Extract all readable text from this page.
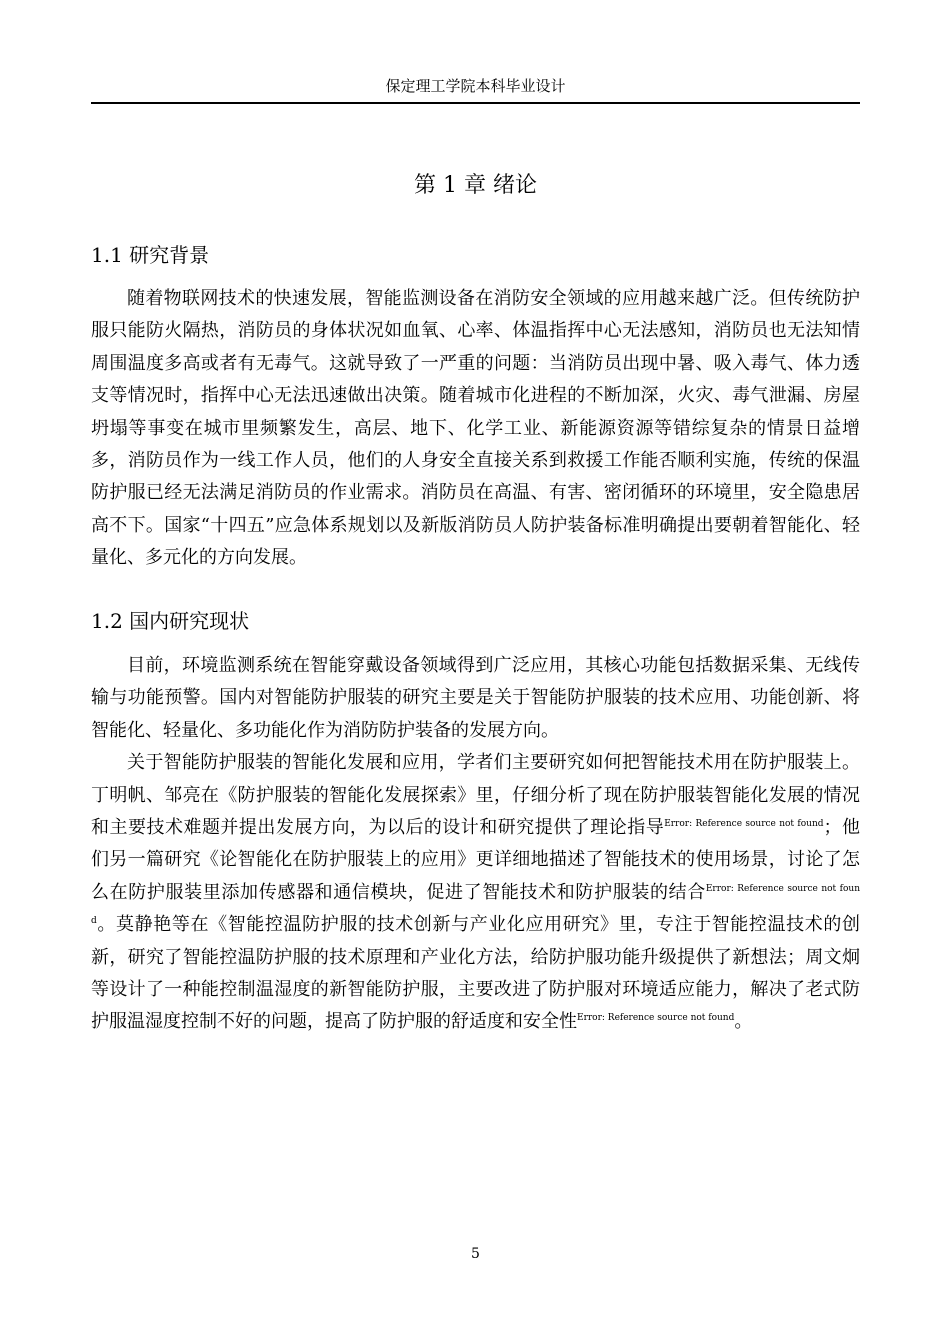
保定理工学院本科毕业设计
第 1 章 绪论
1.1 研究背景

随着物联网技术的快速发展，智能监测设备在消防安全领域的应用越来越广泛。但传统防护服只能防火隔热，消防员的身体状况如血氧、心率、体温指挥中心无法感知，消防员也无法知情周围温度多高或者有无毒气。这就导致了一严重的问题：当消防员出现中暑、吸入毒气、体力透支等情况时，指挥中心无法迅速做出决策。随着城市化进程的不断加深，火灾、毒气泄漏、房屋坍塌等事变在城市里频繁发生，高层、地下、化学工业、新能源资源等错综复杂的情景日益增多，消防员作为一线工作人员，他们的人身安全直接关系到救援工作能否顺利实施，传统的保温防护服已经无法满足消防员的作业需求。消防员在高温、有害、密闭循环的环境里，安全隐患居高不下。国家“十四五”应急体系规划以及新版消防员人防护装备标准明确提出要朝着智能化、轻量化、多元化的方向发展。

1.2 国内研究现状

目前，环境监测系统在智能穿戴设备领域得到广泛应用，其核心功能包括数据采集、无线传输与功能预警。国内对智能防护服装的研究主要是关于智能防护服装的技术应用、功能创新、将智能化、轻量化、多功能化作为消防防护装备的发展方向。

关于智能防护服装的智能化发展和应用，学者们主要研究如何把智能技术用在防护服装上。丁明帆、邹亮在《防护服装的智能化发展探索》里，仔细分析了现在防护服装智能化发展的情况和主要技术难题并提出发展方向，为以后的设计和研究提供了理论指导$^{Error: Reference source not found}$；他们另一篇研究《论智能化在防护服装上的应用》更详细地描述了智能技术的使用场景，讨论了怎么在防护服装里添加传感器和通信模块，促进了智能技术和防护服装的结合$^{Error: Reference source not found}$。莫静艳等在《智能控温防护服的技术创新与产业化应用研究》里，专注于智能控温技术的创新，研究了智能控温防护服的技术原理和产业化方法，给防护服功能升级提供了新想法；周文炯等设计了一种能控制温湿度的新智能防护服，主要改进了防护服对环境适应能力，解决了老式防护服温湿度控制不好的问题，提高了防护服的舒适度和安全性$^{Error: Reference source not found}$。

5
